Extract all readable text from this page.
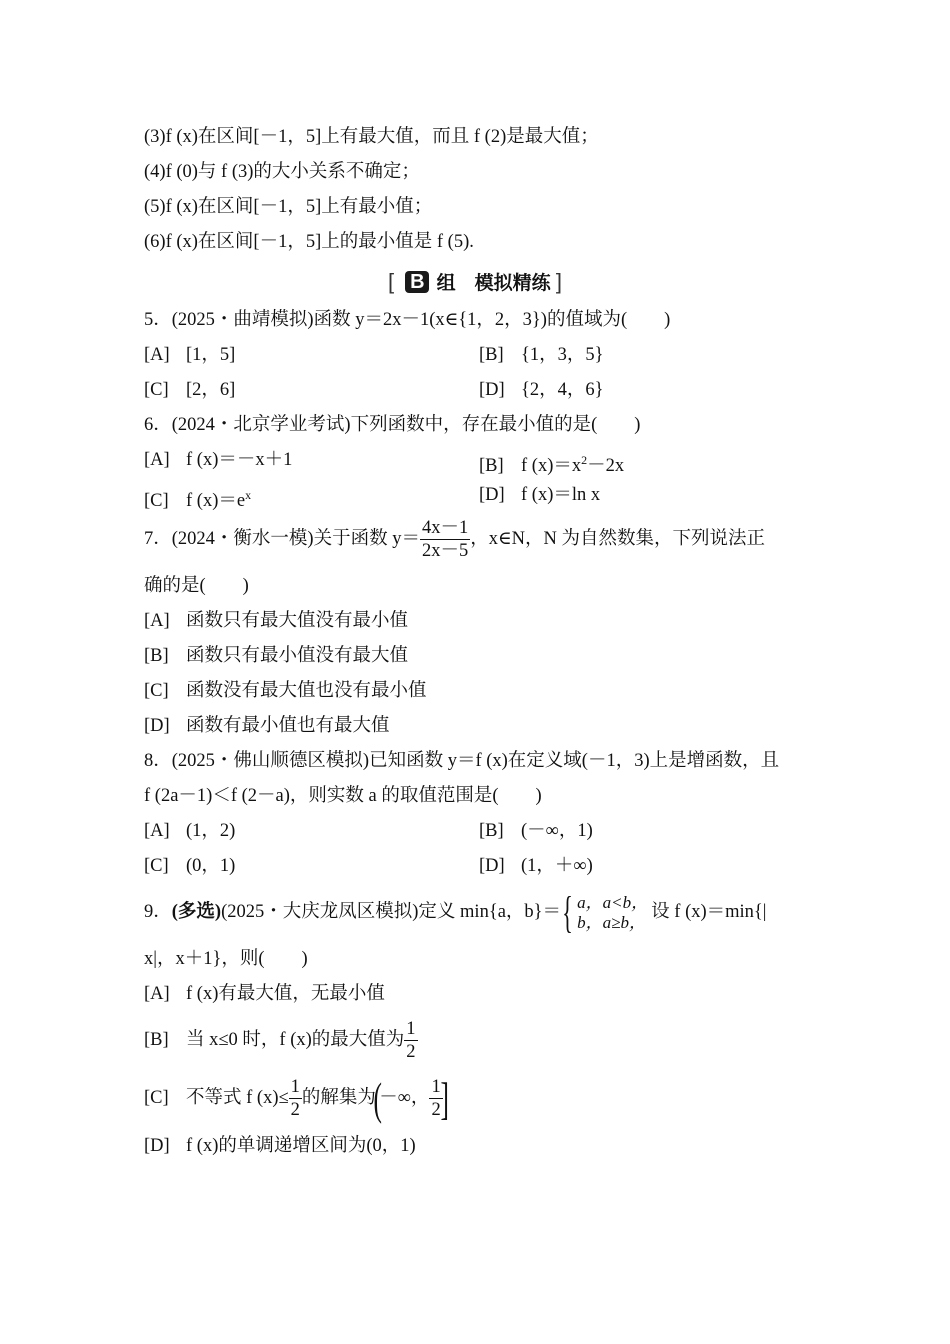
(3)f (x)在区间[－1，5]上有最大值，而且 f (2)是最大值；
(4)f (0)与 f (3)的大小关系不确定；
(5)f (x)在区间[－1，5]上有最小值；
(6)f (x)在区间[－1，5]上的最小值是 f (5).
[ B 组　模拟精练 ]
5．(2025・曲靖模拟)函数 y＝2x－1(x∈{1，2，3})的值域为(　　)
[A] [1，5]	[B] {1，3，5}
[C] [2，6]	[D] {2，4，6}
6．(2024・北京学业考试)下列函数中，存在最小值的是(　　)
[A] f (x)＝－x＋1	[B] f $(x)=x^2-2x$
[C] f $(x)=e^x$	[D] f (x)＝ln x
7．(2024・衡水一模)关于函数 $y= \frac{4x-1}{2x-5}$ ，x∈N，N 为自然数集，下列说法正
确的是(　　)
[A] 函数只有最大值没有最小值
[B] 函数只有最小值没有最大值
[C] 函数没有最大值也没有最小值
[D] 函数有最小值也有最大值
8．(2025・佛山顺德区模拟)已知函数 y＝f (x)在定义域(－1，3)上是增函数，且
f (2a－1)＜f (2－a)，则实数 a 的取值范围是(　　)
[A] (1，2)	[B] (－∞，1)
[C] (0，1)	[D] (1，＋∞)
9．(多选)(2025・大庆龙凤区模拟)定义 min{a，b}＝{ a，a<b，
b，a≥b，
设 f (x)＝min{|
x|，x＋1}，则(　　)
[A] f (x)有最大值，无最小值
[B] 当 x≤0 时，f (x)的最大值为 $\frac{1}{2}$
[C] 不等式 f $(x)\le \frac{1}{2}$ 的解集为(－∞， $\frac{1}{2}$
]
[D] f (x)的单调递增区间为(0，1)
